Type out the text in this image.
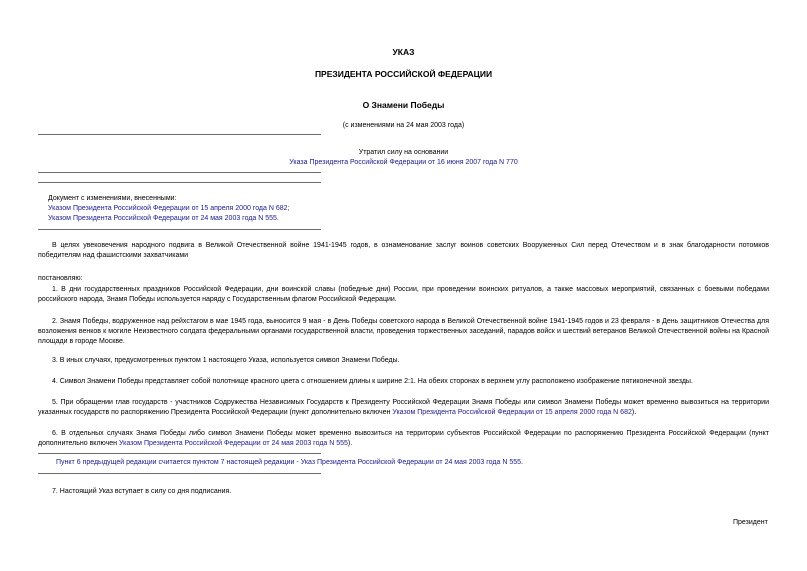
УКАЗ
ПРЕЗИДЕНТА РОССИЙСКОЙ ФЕДЕРАЦИИ
О Знамени Победы
(с изменениями на 24 мая 2003 года)
Утратил силу на основании
Указа Президента Российской Федерации от 16 июня 2007 года N 770
Документ с изменениями, внесенными:
Указом Президента Российской Федерации от 15 апреля 2000 года N 682;
Указом Президента Российской Федерации от 24 мая 2003 года N 555.
В целях увековечения народного подвига в Великой Отечественной войне 1941-1945 годов, в ознаменование заслуг воинов советских Вооруженных Сил перед Отечеством и в знак благодарности потомков победителям над фашистскими захватчиками
постановляю:
1. В дни государственных праздников Российской Федерации, дни воинской славы (победные дни) России, при проведении воинских ритуалов, а также массовых мероприятий, связанных с боевыми победами российского народа, Знамя Победы используется наряду с Государственным флагом Российской Федерации.
2. Знамя Победы, водруженное над рейхстагом в мае 1945 года, выносится 9 мая - в День Победы советского народа в Великой Отечественной войне 1941-1945 годов и 23 февраля - в День защитников Отечества для возложения венков к могиле Неизвестного солдата федеральными органами государственной власти, проведения торжественных заседаний, парадов войск и шествий ветеранов Великой Отечественной войны на Красной площади в городе Москве.
3. В иных случаях, предусмотренных пунктом 1 настоящего Указа, используется символ Знамени Победы.
4. Символ Знамени Победы представляет собой полотнище красного цвета с отношением длины к ширине 2:1. На обеих сторонах в верхнем углу расположено изображение пятиконечной звезды.
5. При обращении глав государств - участников Содружества Независимых Государств к Президенту Российской Федерации Знамя Победы или символ Знамени Победы может временно вывозиться на территории указанных государств по распоряжению Президента Российской Федерации (пункт дополнительно включен Указом Президента Российской Федерации от 15 апреля 2000 года N 682).
6. В отдельных случаях Знамя Победы либо символ Знамени Победы может временно вывозиться на территории субъектов Российской Федерации по распоряжению Президента Российской Федерации (пункт дополнительно включен Указом Президента Российской Федерации от 24 мая 2003 года N 555).
Пункт 6 предыдущей редакции считается пунктом 7 настоящей редакции - Указ Президента Российской Федерации от 24 мая 2003 года N 555.
7. Настоящий Указ вступает в силу со дня подписания.
Президент
